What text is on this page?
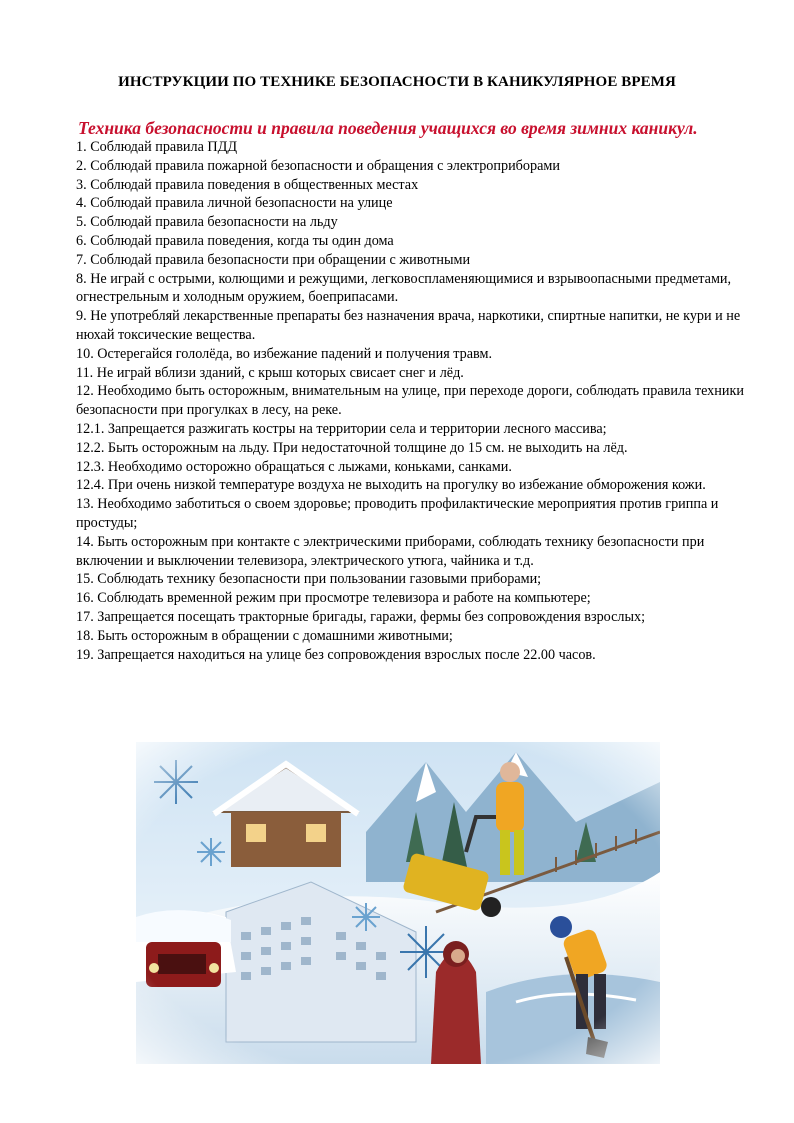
ИНСТРУКЦИИ ПО ТЕХНИКЕ БЕЗОПАСНОСТИ В КАНИКУЛЯРНОЕ ВРЕМЯ
Техника безопасности и правила поведения учащихся во время зимних каникул.
1. Соблюдай правила ПДД
2. Соблюдай правила пожарной безопасности и обращения с электроприборами
3. Соблюдай правила поведения в общественных местах
4. Соблюдай правила личной безопасности на улице
5. Соблюдай правила безопасности на льду
6. Соблюдай правила поведения, когда ты один дома
7. Соблюдай правила безопасности при обращении с животными
8. Не играй с острыми, колющими и режущими, легковоспламеняющимися и взрывоопасными предметами, огнестрельным и холодным оружием, боеприпасами.
9. Не употребляй лекарственные препараты без назначения врача, наркотики, спиртные напитки, не кури и не нюхай токсические вещества.
10. Остерегайся гололёда, во избежание падений и получения травм.
11. Не играй вблизи зданий, с крыш которых свисает снег и лёд.
12. Необходимо быть осторожным, внимательным на улице, при переходе дороги, соблюдать правила техники безопасности при прогулках в лесу, на реке.
12.1. Запрещается разжигать костры на территории села и территории лесного массива;
12.2. Быть осторожным на льду. При недостаточной толщине до 15 см. не выходить на лёд.
12.3. Необходимо осторожно обращаться с лыжами, коньками, санками.
12.4. При очень низкой температуре воздуха не выходить на прогулку во избежание обморожения кожи.
13. Необходимо заботиться о своем здоровье; проводить профилактические мероприятия против гриппа и простуды;
14. Быть осторожным при контакте с электрическими приборами, соблюдать технику безопасности при включении и выключении телевизора, электрического утюга, чайника и т.д.
15. Соблюдать технику безопасности при пользовании газовыми приборами;
16. Соблюдать временной режим при просмотре телевизора и работе на компьютере;
17. Запрещается посещать тракторные бригады, гаражи, фермы без сопровождения взрослых;
18. Быть осторожным в обращении с домашними животными;
19. Запрещается находиться на улице без сопровождения взрослых после 22.00 часов.
